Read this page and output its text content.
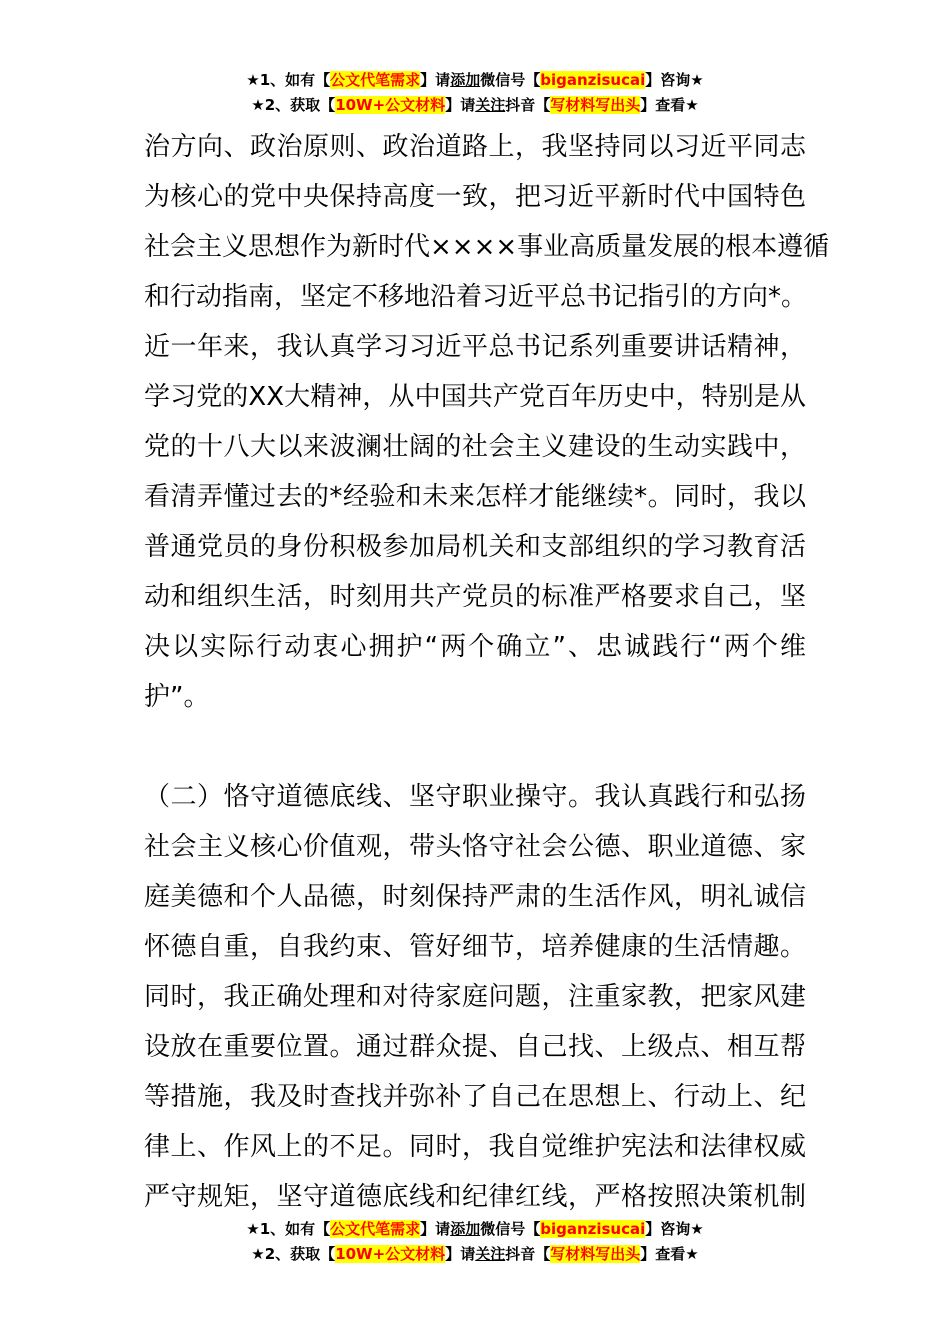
★1、如有【公文代笔需求】请添加微信号【biganzisucai】咨询★
★2、获取【10W+公文材料】请关注抖音【写材料写出头】查看★
治方向、政治原则、政治道路上，我坚持同以习近平同志
为核心的党中央保持高度一致，把习近平新时代中国特色
社会主义思想作为新时代××××事业高质量发展的根本遵循
和行动指南，坚定不移地沿着习近平总书记指引的方向*。
近一年来，我认真学习习近平总书记系列重要讲话精神，
学习党的XX大精神，从中国共产党百年历史中，特别是从
党的十八大以来波澜壮阔的社会主义建设的生动实践中，
看清弄懂过去的*经验和未来怎样才能继续*。同时，我以
普通党员的身份积极参加局机关和支部组织的学习教育活
动和组织生活，时刻用共产党员的标准严格要求自己，坚
决以实际行动衷心拥护“两个确立”、忠诚践行“两个维
护”。
（二）恪守道德底线、坚守职业操守。我认真践行和弘扬
社会主义核心价值观，带头恪守社会公德、职业道德、家
庭美德和个人品德，时刻保持严肃的生活作风，明礼诚信
怀德自重，自我约束、管好细节，培养健康的生活情趣。
同时，我正确处理和对待家庭问题，注重家教，把家风建
设放在重要位置。通过群众提、自己找、上级点、相互帮
等措施，我及时查找并弥补了自己在思想上、行动上、纪
律上、作风上的不足。同时，我自觉维护宪法和法律权威
严守规矩，坚守道德底线和纪律红线，严格按照决策机制
★1、如有【公文代笔需求】请添加微信号【biganzisucai】咨询★
★2、获取【10W+公文材料】请关注抖音【写材料写出头】查看★
